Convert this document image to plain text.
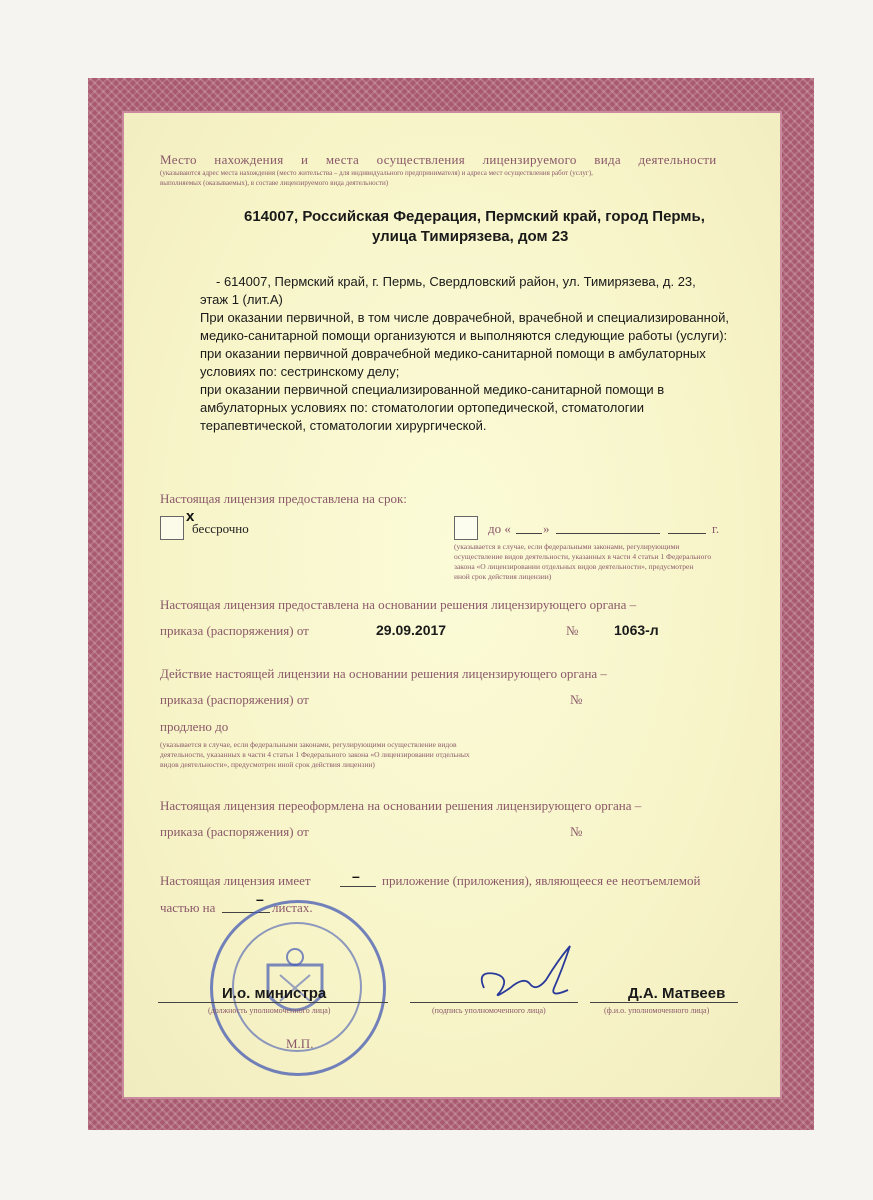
Место нахождения и места осуществления лицензируемого вида деятельности
(указываются адрес места нахождения (место жительства – для индивидуального предпринимателя) и адреса мест осуществления работ (услуг),
выполняемых (оказываемых), в составе лицензируемого вида деятельности)
614007, Российская Федерация, Пермский край, город Пермь,
улица Тимирязева, дом 23
- 614007, Пермский край, г. Пермь, Свердловский район, ул. Тимирязева, д. 23,
этаж 1 (лит.А)
При оказании первичной, в том числе доврачебной, врачебной и специализированной,
медико-санитарной помощи организуются и выполняются следующие работы (услуги):
при оказании первичной доврачебной медико-санитарной помощи в амбулаторных
условиях по: сестринскому делу;
при оказании первичной специализированной медико-санитарной помощи в
амбулаторных условиях по: стоматологии ортопедической, стоматологии
терапевтической, стоматологии хирургической.
Настоящая лицензия предоставлена на срок:
x
бессрочно	до « »	г.
(указывается в случае, если федеральными законами, регулирующими
осуществление видов деятельности, указанных в части 4 статьи 1 Федерального
закона «О лицензировании отдельных видов деятельности», предусмотрен
иной срок действия лицензии)
Настоящая лицензия предоставлена на основании решения лицензирующего органа –
приказа (распоряжения) от	29.09.2017	№	1063-л
Действие настоящей лицензии на основании решения лицензирующего органа –
приказа (распоряжения) от	№
продлено до
(указывается в случае, если федеральными законами, регулирующими осуществление видов
деятельности, указанных в части 4 статьи 1 Федерального закона «О лицензировании отдельных
видов деятельности», предусмотрен иной срок действия лицензии)
Настоящая лицензия переоформлена на основании решения лицензирующего органа –
приказа (распоряжения) от	№
Настоящая лицензия имеет	– приложение (приложения), являющееся ее неотъемлемой
частью на
–
листах.
И.о. министра
(должность уполномоченного лица)	(подпись уполномоченного лица)
Д.А. Матвеев
(ф.и.о. уполномоченного лица)
М.П.
